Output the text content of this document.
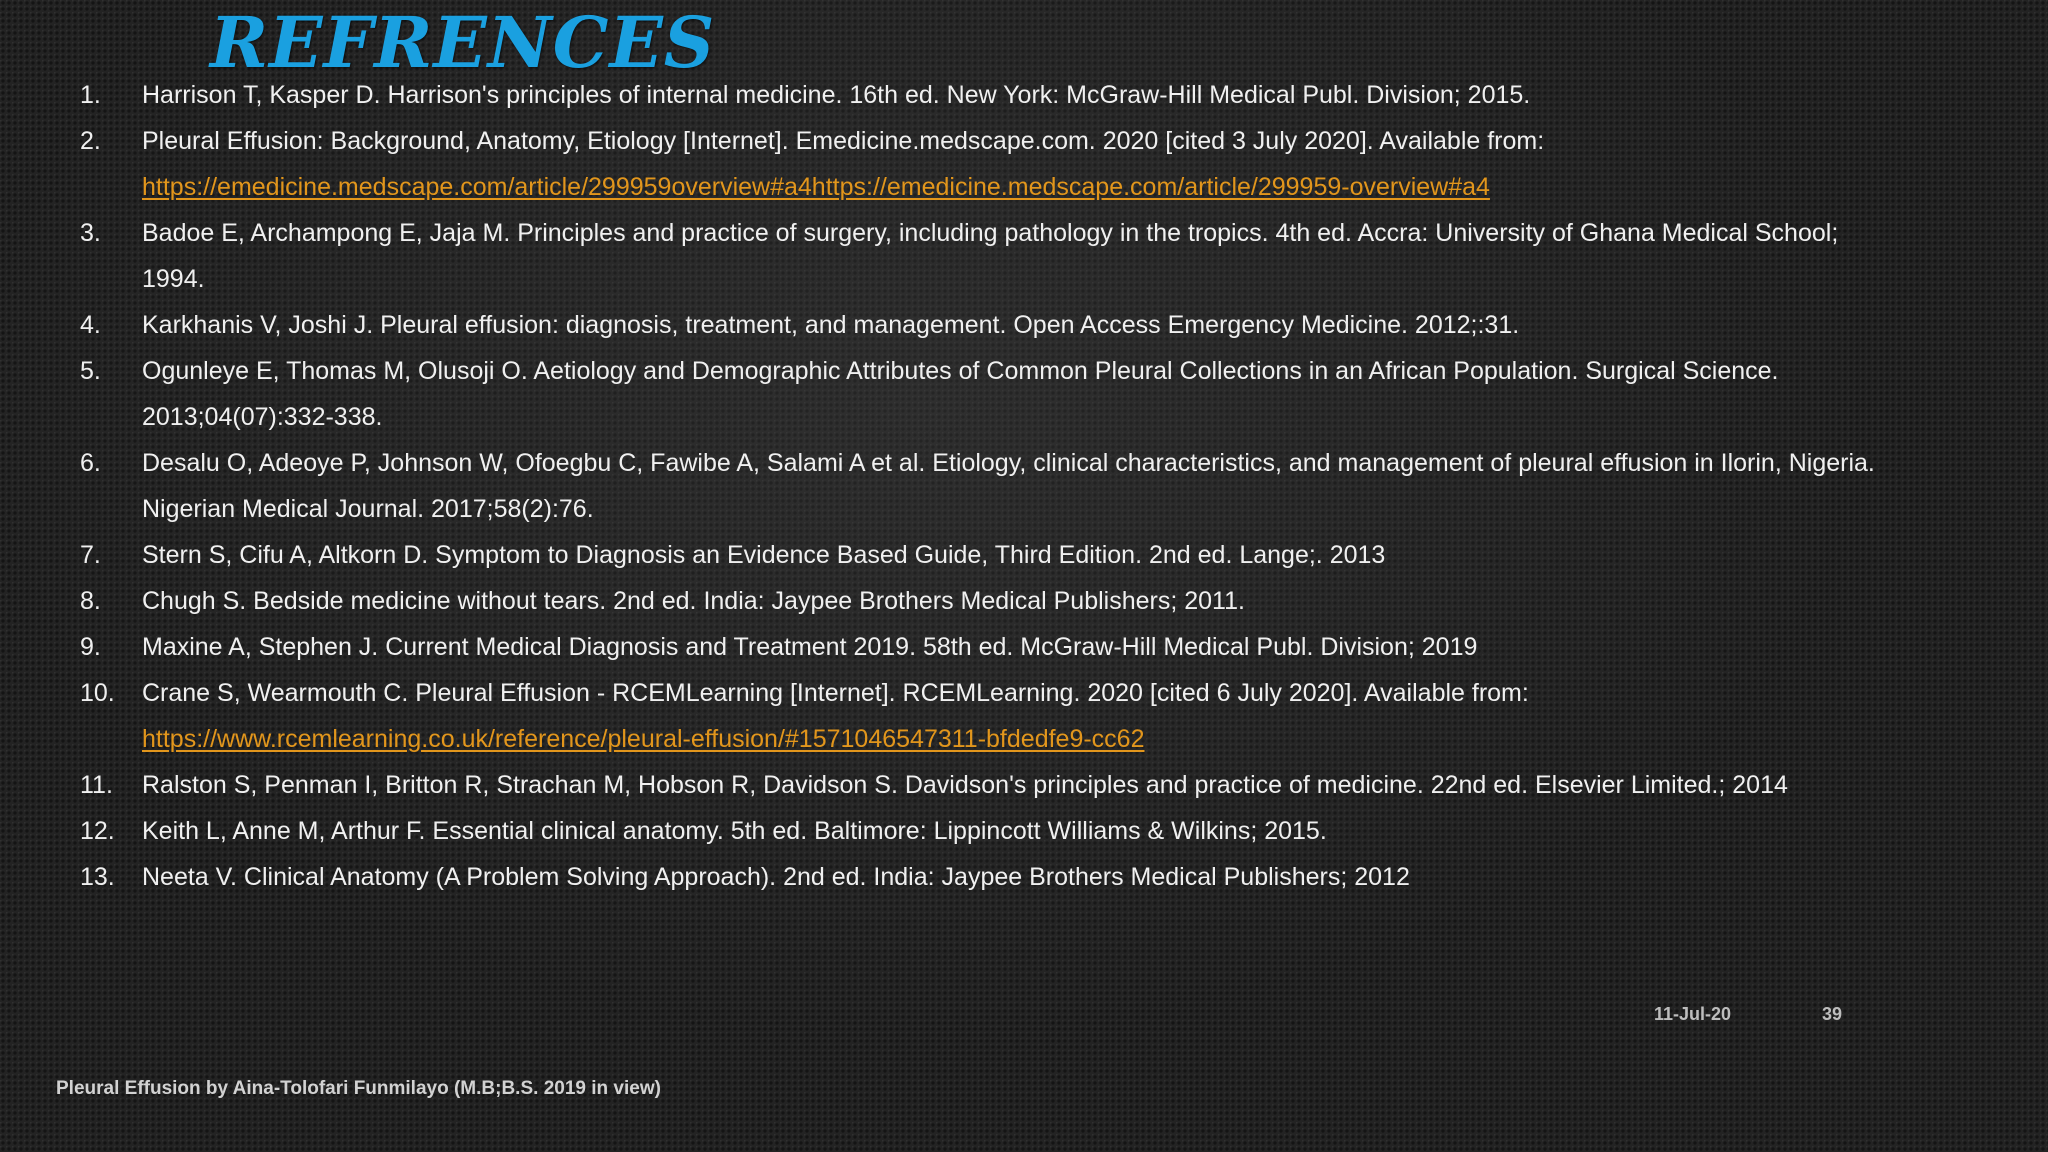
REFRENCES
1.	Harrison T, Kasper D. Harrison's principles of internal medicine. 16th ed. New York: McGraw-Hill Medical Publ. Division; 2015.
2.	Pleural Effusion: Background, Anatomy, Etiology [Internet]. Emedicine.medscape.com. 2020 [cited 3 July 2020]. Available from:
https://emedicine.medscape.com/article/299959overview#a4https://emedicine.medscape.com/article/299959-overview#a4
3.	Badoe E, Archampong E, Jaja M. Principles and practice of surgery, including pathology in the tropics. 4th ed. Accra: University of Ghana Medical School; 1994.
4.	Karkhanis V, Joshi J. Pleural effusion: diagnosis, treatment, and management. Open Access Emergency Medicine. 2012;:31.
5.	Ogunleye E, Thomas M, Olusoji O. Aetiology and Demographic Attributes of Common Pleural Collections in an African Population. Surgical Science. 2013;04(07):332-338.
6.	Desalu O, Adeoye P, Johnson W, Ofoegbu C, Fawibe A, Salami A et al. Etiology, clinical characteristics, and management of pleural effusion in Ilorin, Nigeria. Nigerian Medical Journal. 2017;58(2):76.
7.	Stern S, Cifu A, Altkorn D. Symptom to Diagnosis an Evidence Based Guide, Third Edition. 2nd ed. Lange;. 2013
8.	Chugh S. Bedside medicine without tears. 2nd ed. India: Jaypee Brothers Medical Publishers; 2011.
9.	Maxine A, Stephen J. Current Medical Diagnosis and Treatment 2019. 58th ed. McGraw-Hill Medical Publ. Division; 2019
10.	Crane S, Wearmouth C. Pleural Effusion - RCEMLearning [Internet]. RCEMLearning. 2020 [cited 6 July 2020]. Available from:
https://www.rcemlearning.co.uk/reference/pleural-effusion/#1571046547311-bfdedfe9-cc62
11.	Ralston S, Penman I, Britton R, Strachan M, Hobson R, Davidson S. Davidson's principles and practice of medicine. 22nd ed. Elsevier Limited.; 2014
12.	Keith L, Anne M, Arthur F. Essential clinical anatomy. 5th ed. Baltimore: Lippincott Williams & Wilkins; 2015.
13.	Neeta V. Clinical Anatomy (A Problem Solving Approach). 2nd ed. India: Jaypee Brothers Medical Publishers; 2012
11-Jul-20	39
Pleural Effusion by Aina-Tolofari Funmilayo (M.B;B.S. 2019 in view)
